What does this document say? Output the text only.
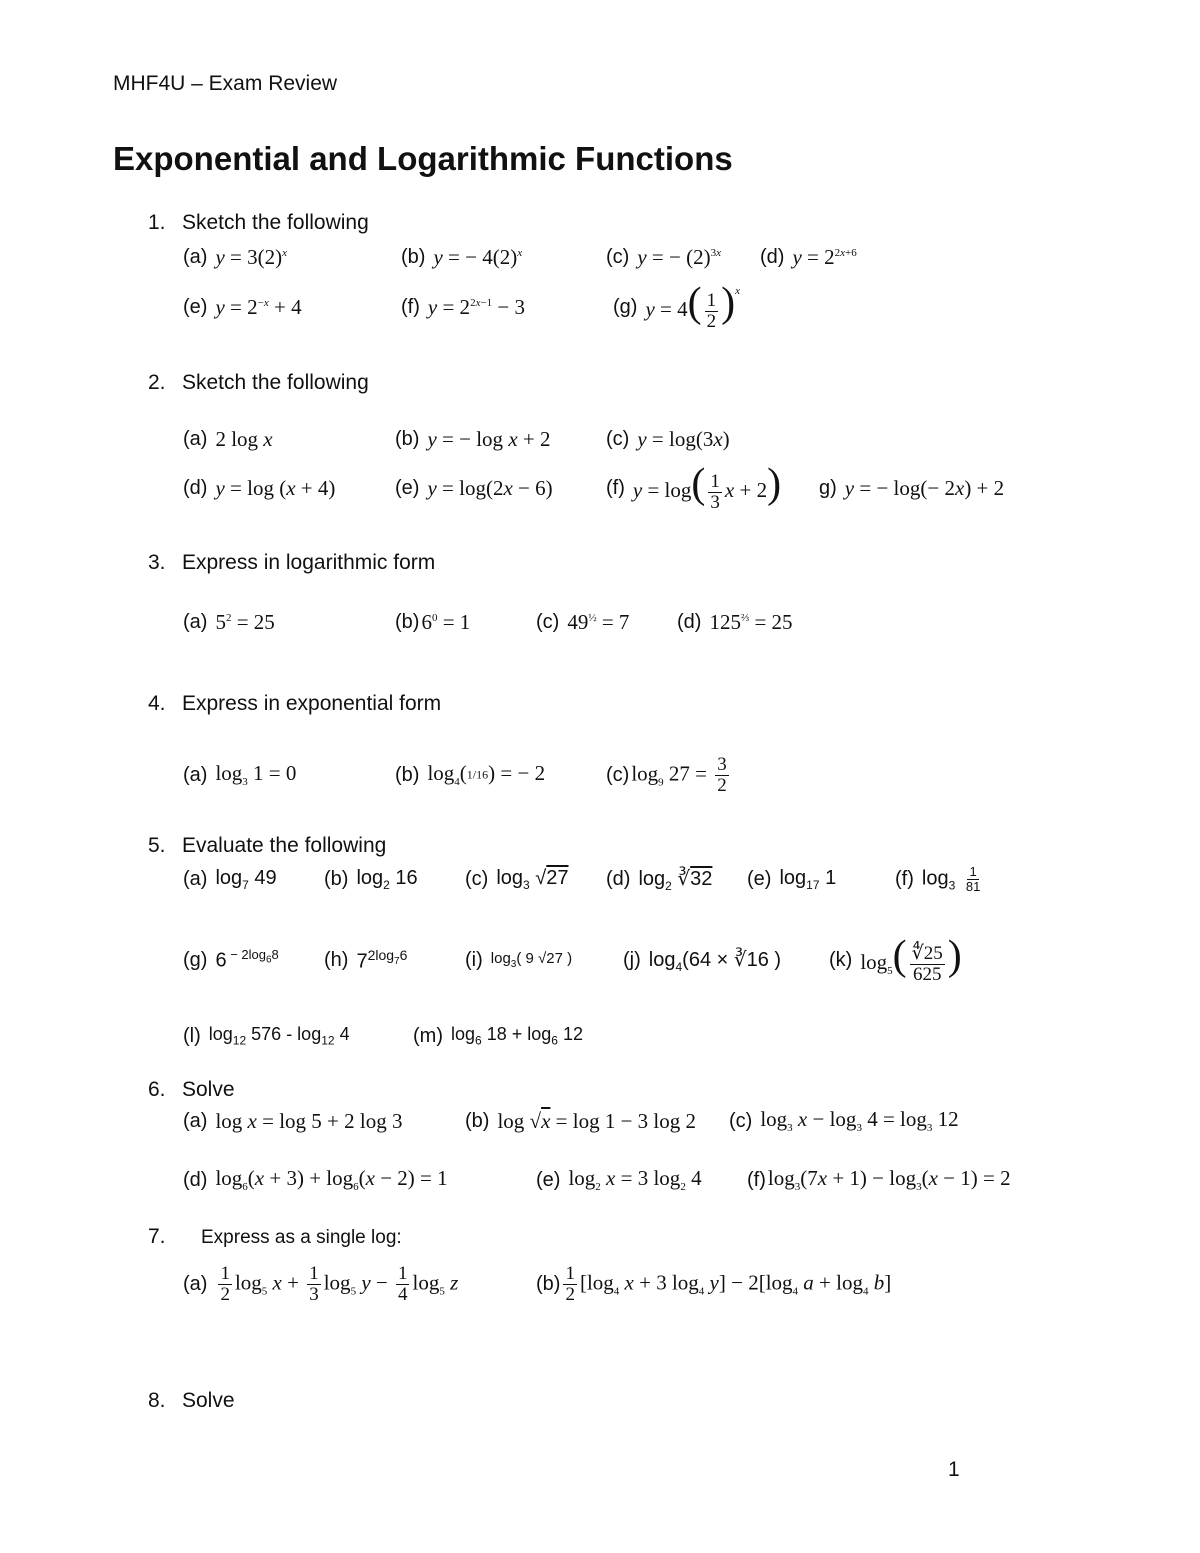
MHF4U – Exam Review
Exponential and Logarithmic Functions
1. Sketch the following
(a) $y = 3(2)^x$	(b) y = − $4(2)^x$	(c) y = − $(2)^{3x}$ (d) $y = 2^{2x+6}$
(e) $y = 2^{-x} + 4$	(f) $y = 2^{2x-1} - 3$	(g) $y = 4( \frac{1}{2} )^x$
2. Sketch the following
(a) 2 log x	(b) y = − log x + 2	(c) y = log(3x)
(d) y = log (x + 4)	(e) y = log(2x − 6)	(f) $y = \log( \frac{1}{3}$ x + 2) g) y = − log(− 2x) + 2
3. Express in logarithmic form
(a) $5^2 = 25$	(b) $6^0 = 1$	(c) $49^{\frac{1}{2}} = 7$ (d) $125^{\frac{2}{3}} = 25$
4. Express in exponential form
(a) $\log_3 1 = 0$	(b) $\log_4(1/16)$ = − 2	(c) $\log_9 27 = \frac{3}{2}$
5. Evaluate the following
(a) $\log_7 49$ (b) $\log_2 16$ (c) $\log_3 √27$ (d) $\log_2$ ∛32 (e) $\log_{17} 1$	(f) $\log_3 \frac{1}{81}$
(g) 6 $^{- 2log_68}$ (h) $7^{2log_76}$	(i) $\log_3$( 9 √27 )	(j) $\log_4(64$ × ∛16 ) (k) $\log_5( \frac{∜25}{625}$ )
(l) $\log_{12} 576 - \log_{12} 4$	(m) $\log_6 18 + \log_6 12$
6. Solve
(a) log x = log 5 + 2 log 3	(b) log √x = log 1 − 3 log 2 (c) $\log_3 x - \log_3 4 = \log_3 12$
(d) $\log_6(x + 3) + \log_6(x - 2) = 1$	(e) $\log_2 x = 3$ $\log_2 4$ (f) $\log_3(7x + 1) - \log_3(x - 1) = 2$
7. Express as a single log:
$(a) \frac{1}{2} \log_5 x + \frac{1}{3} \log_5 y - \frac{1}{4} \log_5 z$	$(b) \frac{1}{2} [\log_4$ x + 3 $\log_4 y] - 2[\log_4$ $a + \log_4 b$]
8. Solve
1
